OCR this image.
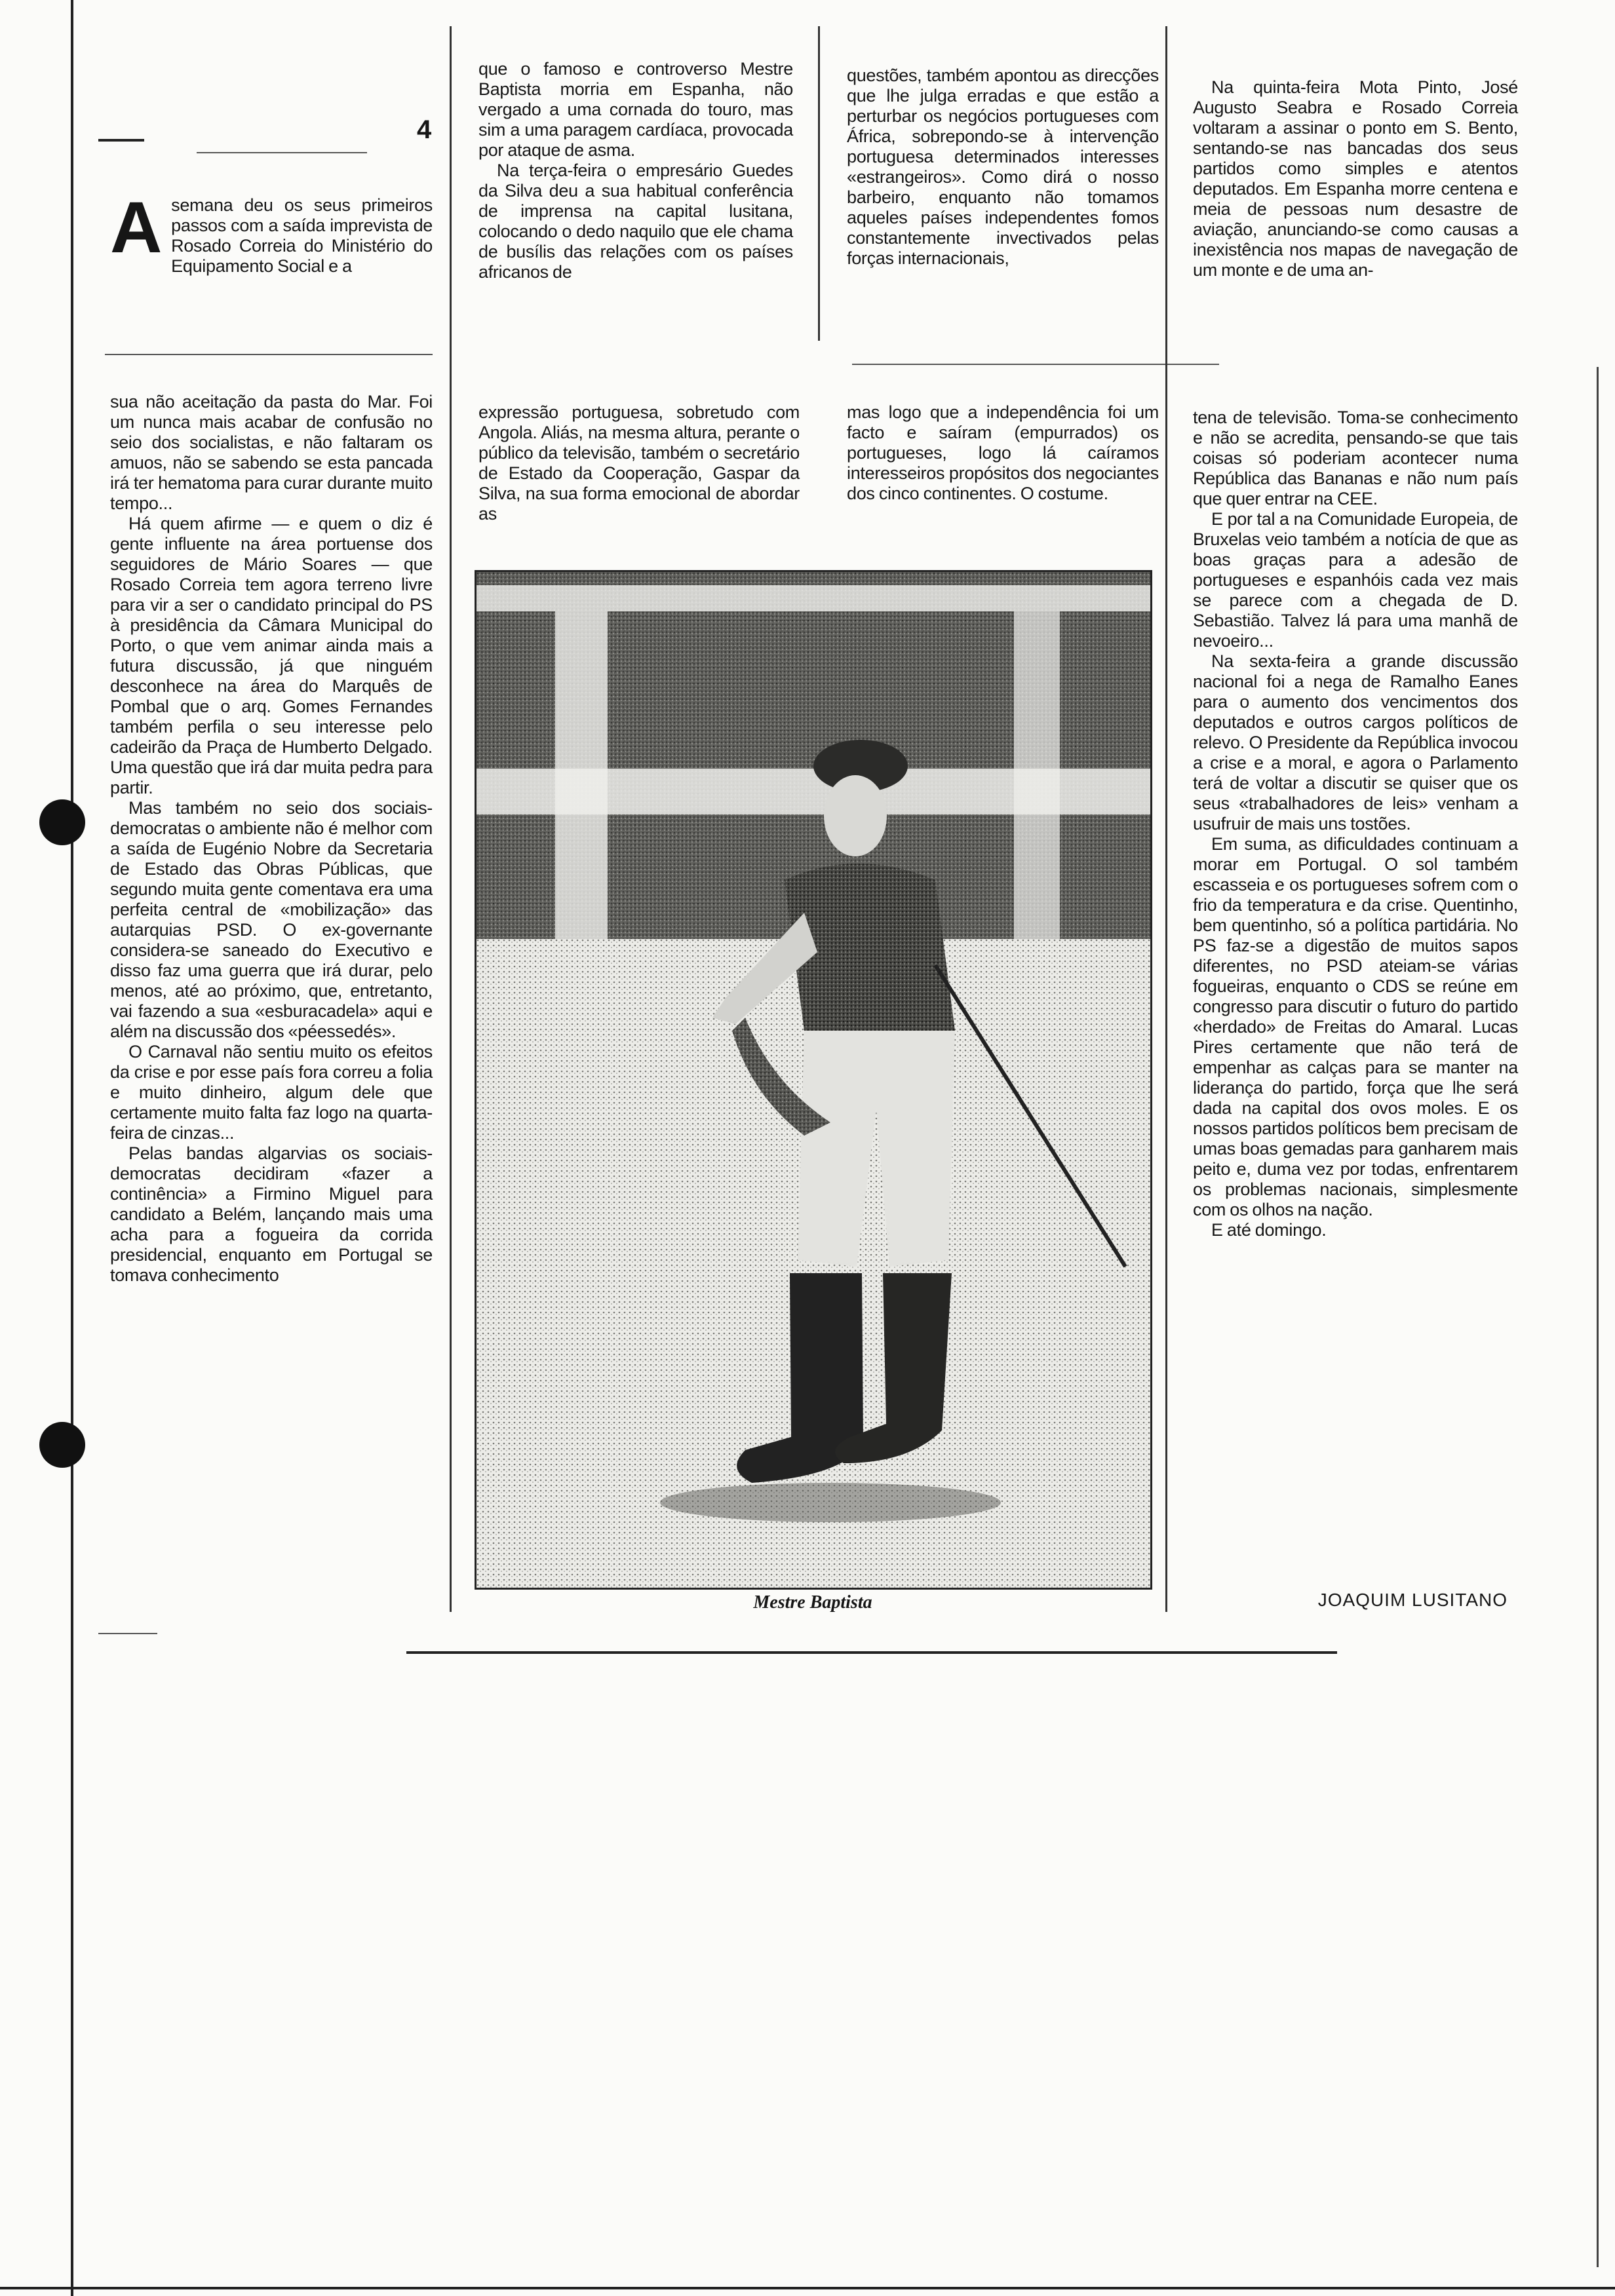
4
Asemana deu os seus primeiros passos com a saída imprevista de Rosado Correia do Ministério do Equipamento Social e a

que o famoso e controverso Mestre Baptista morria em Espanha, não vergado a uma cornada do touro, mas sim a uma paragem cardíaca, provocada por ataque de asma.

Na terça-feira o empresário Guedes da Silva deu a sua habitual conferência de imprensa na capital lusitana, colocando o dedo naquilo que ele chama de busílis das relações com os países africanos de

questões, também apontou as direcções que lhe julga erradas e que estão a perturbar os negócios portugueses com África, sobrepondo-se à intervenção portuguesa determinados interesses «estrangeiros». Como dirá o nosso barbeiro, enquanto não tomamos aqueles países independentes fomos constantemente invectivados pelas forças internacionais,

Na quinta-feira Mota Pinto, José Augusto Seabra e Rosado Correia voltaram a assinar o ponto em S. Bento, sentando-se nas bancadas dos seus partidos como simples e atentos deputados. Em Espanha morre centena e meia de pessoas num desastre de aviação, anunciando-se como causas a inexistência nos mapas de navegação de um monte e de uma an-

sua não aceitação da pasta do Mar. Foi um nunca mais acabar de confusão no seio dos socialistas, e não faltaram os amuos, não se sabendo se esta pancada irá ter hematoma para curar durante muito tempo...

Há quem afirme — e quem o diz é gente influente na área portuense dos seguidores de Mário Soares — que Rosado Correia tem agora terreno livre para vir a ser o candidato principal do PS à presidência da Câmara Municipal do Porto, o que vem animar ainda mais a futura discussão, já que ninguém desconhece na área do Marquês de Pombal que o arq. Gomes Fernandes também perfila o seu interesse pelo cadeirão da Praça de Humberto Delgado. Uma questão que irá dar muita pedra para partir.

Mas também no seio dos sociais-democratas o ambiente não é melhor com a saída de Eugénio Nobre da Secretaria de Estado das Obras Públicas, que segundo muita gente comentava era uma perfeita central de «mobilização» das autarquias PSD. O ex-governante considera-se saneado do Executivo e disso faz uma guerra que irá durar, pelo menos, até ao próximo, que, entretanto, vai fazendo a sua «esburacadela» aqui e além na discussão dos «péessedés».

O Carnaval não sentiu muito os efeitos da crise e por esse país fora correu a folia e muito dinheiro, algum dele que certamente muito falta faz logo na quarta-feira de cinzas...

Pelas bandas algarvias os sociais-democratas decidiram «fazer a continência» a Firmino Miguel para candidato a Belém, lançando mais uma acha para a fogueira da corrida presidencial, enquanto em Portugal se tomava conhecimento

expressão portuguesa, sobretudo com Angola. Aliás, na mesma altura, perante o público da televisão, também o secretário de Estado da Cooperação, Gaspar da Silva, na sua forma emocional de abordar as

mas logo que a independência foi um facto e saíram (empurrados) os portugueses, logo lá caíramos interesseiros propósitos dos negociantes dos cinco continentes. O costume.

tena de televisão. Toma-se conhecimento e não se acredita, pensando-se que tais coisas só poderiam acontecer numa República das Bananas e não num país que quer entrar na CEE.

E por tal a na Comunidade Europeia, de Bruxelas veio também a notícia de que as boas graças para a adesão de portugueses e espanhóis cada vez mais se parece com a chegada de D. Sebastião. Talvez lá para uma manhã de nevoeiro...

Na sexta-feira a grande discussão nacional foi a nega de Ramalho Eanes para o aumento dos vencimentos dos deputados e outros cargos políticos de relevo. O Presidente da República invocou a crise e a moral, e agora o Parlamento terá de voltar a discutir se quiser que os seus «trabalhadores de leis» venham a usufruir de mais uns tostões.

Em suma, as dificuldades continuam a morar em Portugal. O sol também escasseia e os portugueses sofrem com o frio da temperatura e da crise. Quentinho, bem quentinho, só a política partidária. No PS faz-se a digestão de muitos sapos diferentes, no PSD ateiam-se várias fogueiras, enquanto o CDS se reúne em congresso para discutir o futuro do partido «herdado» de Freitas do Amaral. Lucas Pires certamente que não terá de empenhar as calças para se manter na liderança do partido, força que lhe será dada na capital dos ovos moles. E os nossos partidos políticos bem precisam de umas boas gemadas para ganharem mais peito e, duma vez por todas, enfrentarem os problemas nacionais, simplesmente com os olhos na nação.

E até domingo.

Mestre Baptista	JOAQUIM LUSITANO
